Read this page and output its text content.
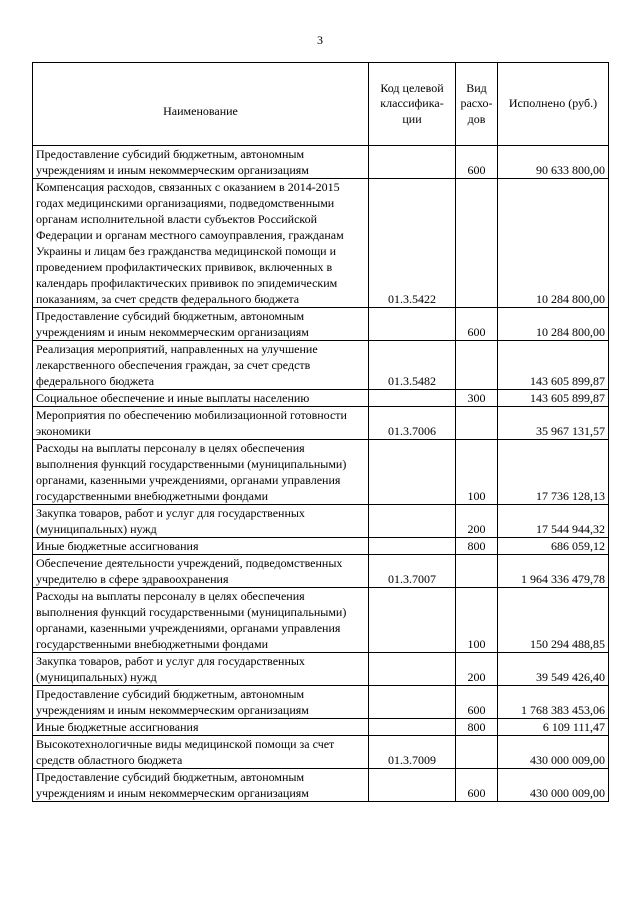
3
Наименование	Код целевой классифика-ции	Вид расхо-дов	Исполнено (руб.)
Предоставление субсидий бюджетным, автономным учреждениям и иным некоммерческим организациям		600	90 633 800,00
Компенсация расходов, связанных с оказанием в 2014-2015 годах медицинскими организациями, подведомственными органам исполнительной власти субъектов Российской Федерации и органам местного самоуправления, гражданам Украины и лицам без гражданства медицинской помощи и проведением профилактических прививок, включенных в календарь профилактических прививок по эпидемическим показаниям, за счет средств федерального бюджета	01.3.5422		10 284 800,00
Предоставление субсидий бюджетным, автономным учреждениям и иным некоммерческим организациям		600	10 284 800,00
Реализация мероприятий, направленных на улучшение лекарственного обеспечения граждан, за счет средств федерального бюджета	01.3.5482		143 605 899,87
Социальное обеспечение и иные выплаты населению		300	143 605 899,87
Мероприятия по обеспечению мобилизационной готовности экономики	01.3.7006		35 967 131,57
Расходы на выплаты персоналу в целях обеспечения выполнения функций государственными (муниципальными) органами, казенными учреждениями, органами управления государственными внебюджетными фондами		100	17 736 128,13
Закупка товаров, работ и услуг для государственных (муниципальных) нужд		200	17 544 944,32
Иные бюджетные ассигнования		800	686 059,12
Обеспечение деятельности учреждений, подведомственных учредителю в сфере здравоохранения	01.3.7007		1 964 336 479,78
Расходы на выплаты персоналу в целях обеспечения выполнения функций государственными (муниципальными) органами, казенными учреждениями, органами управления государственными внебюджетными фондами		100	150 294 488,85
Закупка товаров, работ и услуг для государственных (муниципальных) нужд		200	39 549 426,40
Предоставление субсидий бюджетным, автономным учреждениям и иным некоммерческим организациям		600	1 768 383 453,06
Иные бюджетные ассигнования		800	6 109 111,47
Высокотехнологичные виды медицинской помощи за счет средств областного бюджета	01.3.7009		430 000 009,00
Предоставление субсидий бюджетным, автономным учреждениям и иным некоммерческим организациям		600	430 000 009,00
